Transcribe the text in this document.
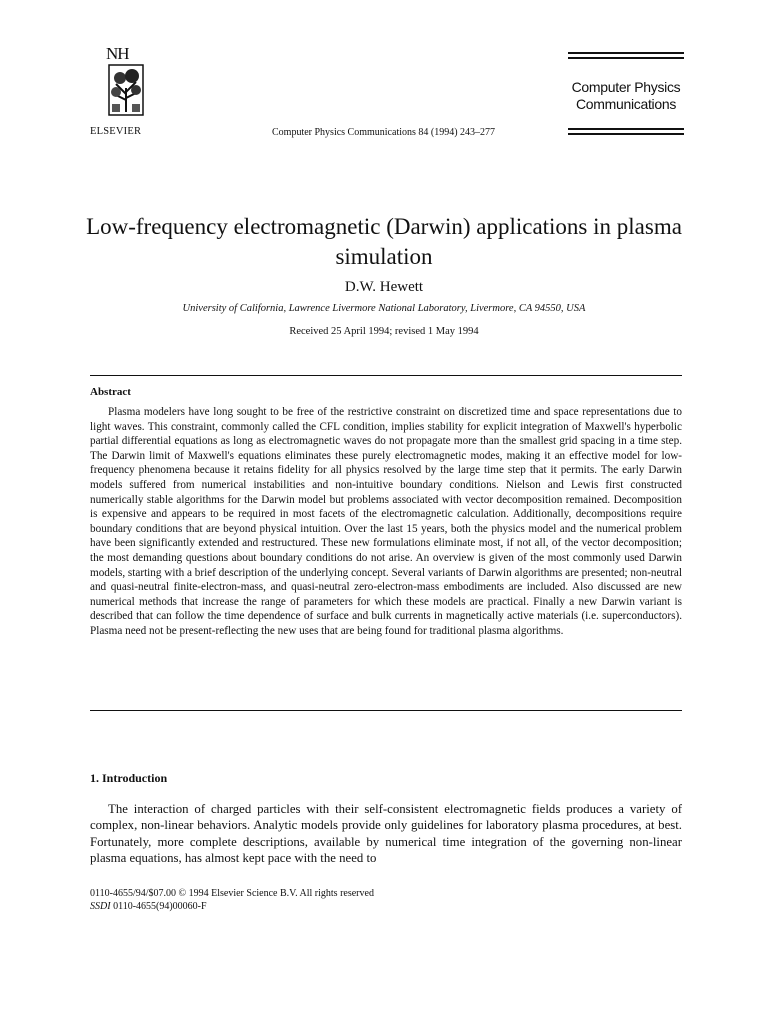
NH
ELSEVIER	Computer Physics Communications 84 (1994) 243–277
Computer Physics
Communications
Low-frequency electromagnetic (Darwin) applications in plasma simulation
D.W. Hewett
University of California, Lawrence Livermore National Laboratory, Livermore, CA 94550, USA
Received 25 April 1994; revised 1 May 1994
Abstract

Plasma modelers have long sought to be free of the restrictive constraint on discretized time and space representations due to light waves. This constraint, commonly called the CFL condition, implies stability for explicit integration of Maxwell's hyperbolic partial differential equations as long as electromagnetic waves do not propagate more than the smallest grid spacing in a time step. The Darwin limit of Maxwell's equations eliminates these purely electromagnetic modes, making it an effective model for low-frequency phenomena because it retains fidelity for all physics resolved by the large time step that it permits. The early Darwin models suffered from numerical instabilities and non-intuitive boundary conditions. Nielson and Lewis first constructed numerically stable algorithms for the Darwin model but problems associated with vector decomposition remained. Decomposition is expensive and appears to be required in most facets of the electromagnetic calculation. Additionally, decompositions require boundary conditions that are beyond physical intuition. Over the last 15 years, both the physics model and the numerical problem have been significantly extended and restructured. These new formulations eliminate most, if not all, of the vector decomposition; the most demanding questions about boundary conditions do not arise. An overview is given of the most commonly used Darwin models, starting with a brief description of the underlying concept. Several variants of Darwin algorithms are presented; non-neutral and quasi-neutral finite-electron-mass, and quasi-neutral zero-electron-mass embodiments are included. Also discussed are new numerical methods that increase the range of parameters for which these models are practical. Finally a new Darwin variant is described that can follow the time dependence of surface and bulk currents in magnetically active materials (i.e. superconductors). Plasma need not be present-reflecting the new uses that are being found for traditional plasma algorithms.

1. Introduction

The interaction of charged particles with their self-consistent electromagnetic fields produces a variety of complex, non-linear behaviors. Analytic models provide only guidelines for laboratory plasma procedures, at best. Fortunately, more complete descriptions, available by numerical time integration of the governing non-linear plasma equations, has almost kept pace with the need to

0110-4655/94/$07.00 © 1994 Elsevier Science B.V. All rights reserved
SSDI 0110-4655(94)00060-F
